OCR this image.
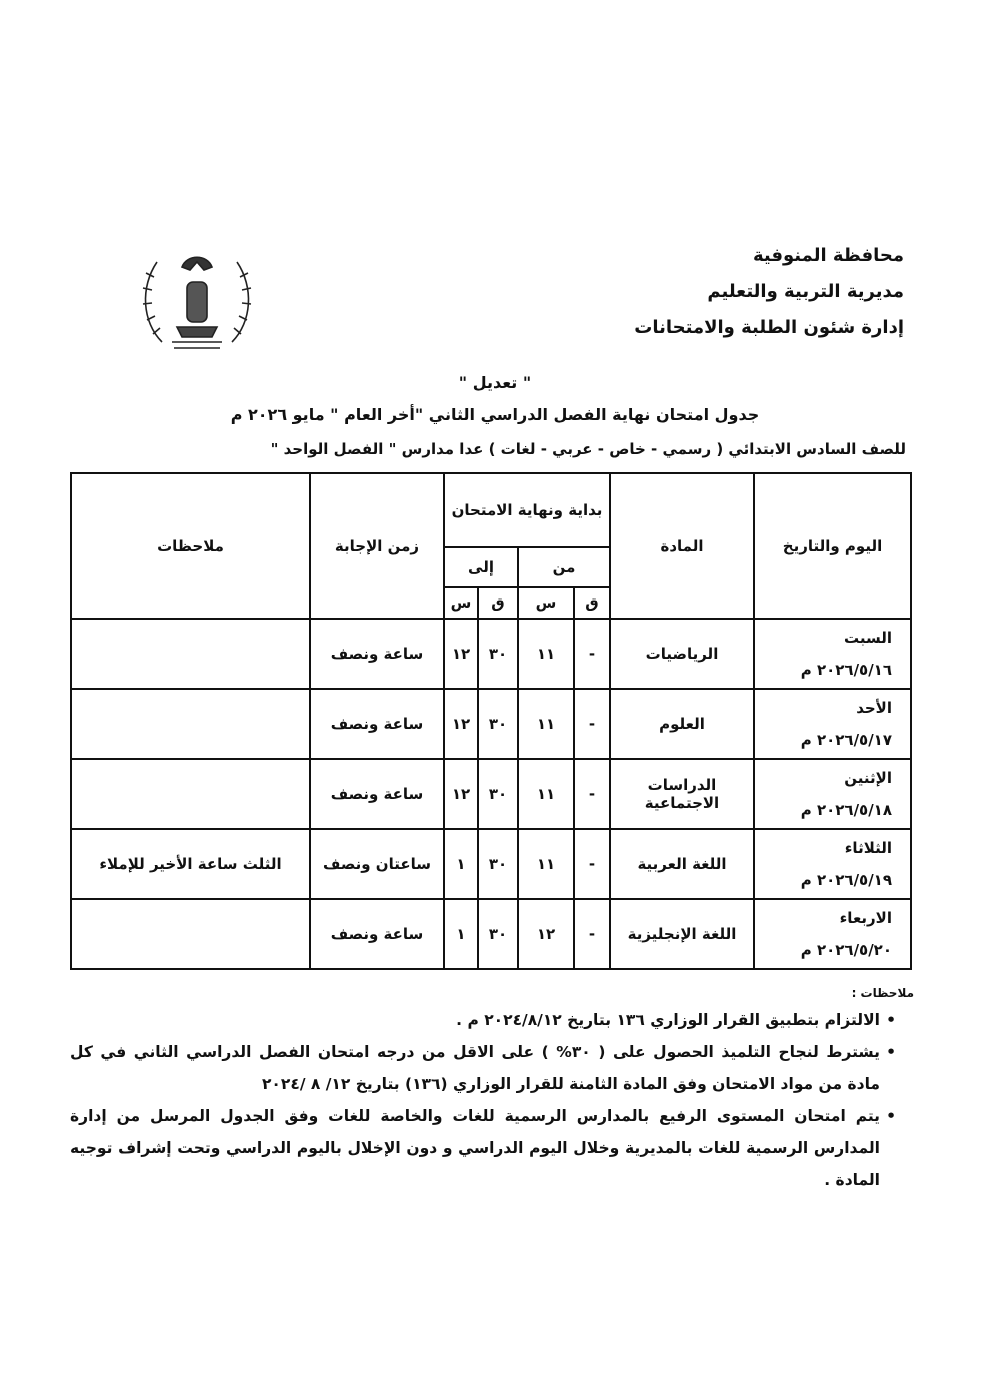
محافظة المنوفية
مديرية التربية والتعليم
إدارة شئون الطلبة والامتحانات
" تعديل "
جدول امتحان نهاية الفصل الدراسي الثاني "أخر العام " مايو ٢٠٢٦ م
للصف السادس الابتدائي ( رسمي - خاص - عربي - لغات ) عدا مدارس " الفصل الواحد "
اليوم والتاريخ	المادة	بداية ونهاية الامتحان				زمن الإجابة	ملاحظات
		من		إلى			
		ق	س	ق	س		

السبت
٢٠٢٦/٥/١٦ م	الرياضيات	-	١١	٣٠	١٢	ساعة ونصف	

الأحد
٢٠٢٦/٥/١٧ م	العلوم	-	١١	٣٠	١٢	ساعة ونصف	

الإثنين
٢٠٢٦/٥/١٨ م	الدراسات الاجتماعية	-	١١	٣٠	١٢	ساعة ونصف	

الثلاثاء
٢٠٢٦/٥/١٩ م	اللغة العربية	-	١١	٣٠	١	ساعتان ونصف	الثلث ساعة الأخير للإملاء

الاربعاء
٢٠٢٦/٥/٢٠ م	اللغة الإنجليزية	-	١٢	٣٠	١	ساعة ونصف	
ملاحظات :
• الالتزام بتطبيق القرار الوزاري ١٣٦ بتاريخ ٢٠٢٤/٨/١٢ م .
• يشترط لنجاح التلميذ الحصول على ( ٣٠% ) على الاقل من درجه امتحان الفصل الدراسي الثاني في كل مادة من مواد الامتحان وفق المادة الثامنة للقرار الوزاري (١٣٦) بتاريخ ١٢/ ٨ /٢٠٢٤
• يتم امتحان المستوى الرفيع بالمدارس الرسمية للغات والخاصة للغات وفق الجدول المرسل من إدارة المدارس الرسمية للغات بالمديرية وخلال اليوم الدراسي و دون الإخلال باليوم الدراسي وتحت إشراف توجيه المادة .
